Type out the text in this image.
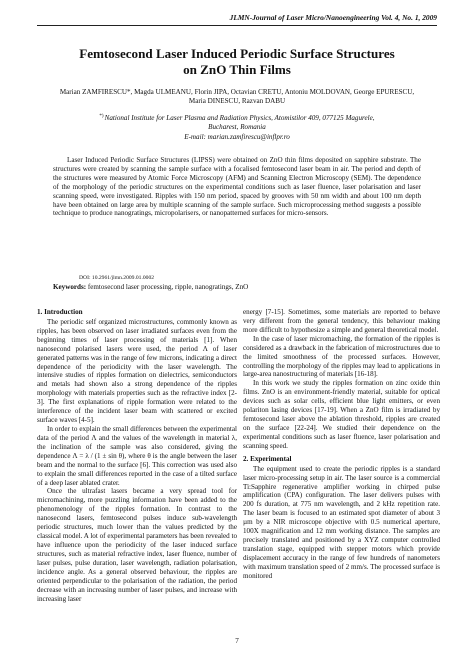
JLMN-Journal of Laser Micro/Nanoengineering Vol. 4, No. 1, 2009
Femtosecond Laser Induced Periodic Surface Structures
on ZnO Thin Films
Marian ZAMFIRESCU*, Magda ULMEANU, Florin JIPA, Octavian CRETU, Antoniu MOLDOVAN, George EPURESCU,
Maria DINESCU, Razvan DABU
*)National Institute for Laser Plasma and Radiation Physics, Atomistilor 409, 077125 Magurele,
Bucharest, Romania
E-mail: marian.zamfirescu@inflpr.ro
Laser Induced Periodic Surface Structures (LIPSS) were obtained on ZnO thin films deposited on sapphire substrate. The structures were created by scanning the sample surface with a focalised femtosecond laser beam in air. The period and depth of the structures were measured by Atomic Force Microscopy (AFM) and Scanning Electron Microscopy (SEM). The dependence of the morphology of the periodic structures on the experimental conditions such as laser fluence, laser polarisation and laser scanning speed, were investigated. Ripples with 150 nm period, spaced by grooves with 50 nm width and about 100 nm depth have been obtained on large area by multiple scanning of the sample surface. Such microprocessing method suggests a possible technique to produce nanogratings, micropolarisers, or nanopatterned surfaces for micro-sensors.
DOI: 10.2961/jlmn.2009.01.0002
Keywords: femtosecond laser processing, ripple, nanogratings, ZnO
1. Introduction

The periodic self organized microstructures, commonly known as ripples, has been observed on laser irradiated surfaces even from the beginning times of laser processing of materials [1]. When nanosecond polarised lasers were used, the period Λ of laser generated patterns was in the range of few microns, indicating a direct dependence of the periodicity with the laser wavelength. The intensive studies of ripples formation on dielectrics, semiconductors and metals had shown also a strong dependence of the ripples morphology with materials properties such as the refractive index [2-3]. The first explanations of ripple formation were related to the interference of the incident laser beam with scattered or excited surface waves [4-5].

In order to explain the small differences between the experimental data of the period Λ and the values of the wavelength in material λ, the inclination of the sample was also considered, giving the dependence Λ = λ / (1 ± sin θ), where θ is the angle between the laser beam and the normal to the surface [6]. This correction was used also to explain the small differences reported in the case of a tilted surface of a deep laser ablated crater.

Once the ultrafast lasers became a very spread tool for micromachining, more puzzling information have been added to the phenomenology of the ripples formation. In contrast to the nanosecond lasers, femtosecond pulses induce sub-wavelength periodic structures, much lower than the values predicted by the classical model. A lot of experimental parameters has been revealed to have influence upon the periodicity of the laser induced surface structures, such as material refractive index, laser fluence, number of laser pulses, pulse duration, laser wavelength, radiation polarisation, incidence angle. As a general observed behaviour, the ripples are oriented perpendicular to the polarisation of the radiation, the period decrease with an increasing number of laser pulses, and increase with increasing laser

energy [7-15]. Sometimes, some materials are reported to behave very different from the general tendency, this behaviour making more difficult to hypothesize a simple and general theoretical model.

In the case of laser micromaching, the formation of the ripples is considered as a drawback in the fabrication of microstructures due to the limited smoothness of the processed surfaces. However, controlling the morphology of the ripples may lead to applications in large-area nanostructuring of materials [16-18].

In this work we study the ripples formation on zinc oxide thin films. ZnO is an environment-friendly material, suitable for optical devices such as solar cells, efficient blue light emitters, or even polariton lasing devices [17-19]. When a ZnO film is irradiated by femtosecond laser above the ablation threshold, ripples are created on the surface [22-24]. We studied their dependence on the experimental conditions such as laser fluence, laser polarisation and scanning speed.

2. Experimental

The equipment used to create the periodic ripples is a standard laser micro-processing setup in air. The laser source is a commercial Ti:Sapphire regenerative amplifier working in chirped pulse amplification (CPA) configuration. The laser delivers pulses with 200 fs duration, at 775 nm wavelength, and 2 kHz repetition rate. The laser beam is focused to an estimated spot diameter of about 3 µm by a NIR microscope objective with 0.5 numerical aperture, 100X magnification and 12 mm working distance. The samples are precisely translated and positioned by a XYZ computer controlled translation stage, equipped with stepper motors which provide displacement accuracy in the range of few hundreds of nanometers with maximum translation speed of 2 mm/s. The processed surface is monitored

7
